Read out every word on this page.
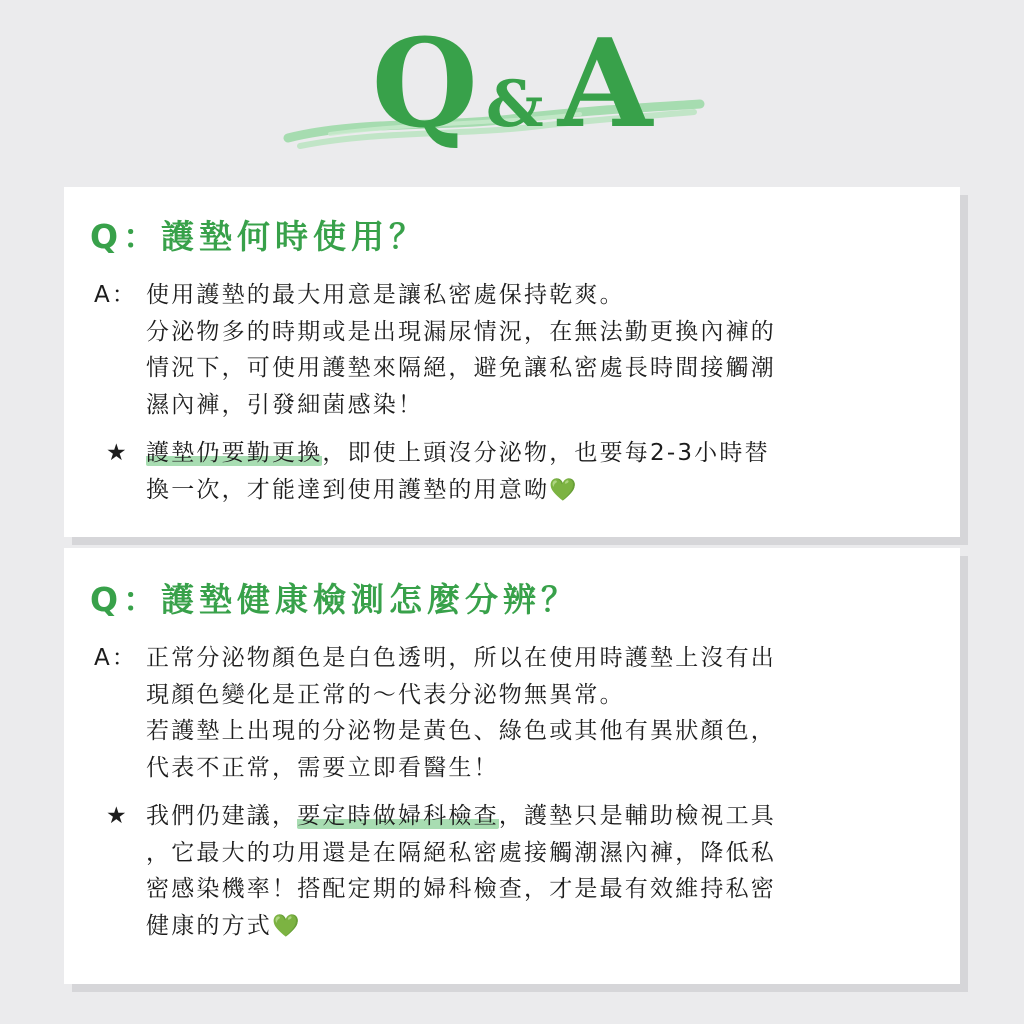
Q & A
Q：護墊何時使用？
A： 使用護墊的最大用意是讓私密處保持乾爽。

分泌物多的時期或是出現漏尿情況，在無法勤更換內褲的

情況下，可使用護墊來隔絕，避免讓私密處長時間接觸潮

濕內褲，引發細菌感染！

★ 護墊仍要勤更換，即使上頭沒分泌物，也要每2-3小時替

換一次，才能達到使用護墊的用意呦💚

Q：護墊健康檢測怎麼分辨？
A： 正常分泌物顏色是白色透明，所以在使用時護墊上沒有出

現顏色變化是正常的～代表分泌物無異常。

若護墊上出現的分泌物是黃色、綠色或其他有異狀顏色，

代表不正常，需要立即看醫生！

★ 我們仍建議，要定時做婦科檢查，護墊只是輔助檢視工具

，它最大的功用還是在隔絕私密處接觸潮濕內褲，降低私

密感染機率！搭配定期的婦科檢查，才是最有效維持私密

健康的方式💚
